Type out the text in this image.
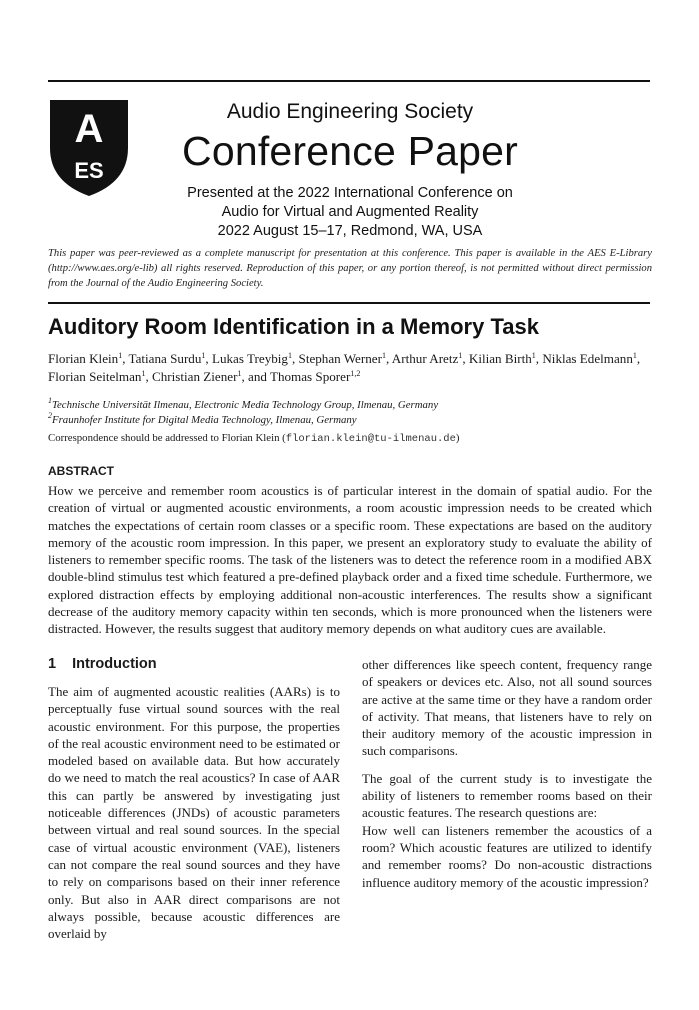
A
ES
Audio Engineering Society
Conference Paper
Presented at the 2022 International Conference on
Audio for Virtual and Augmented Reality
2022 August 15–17, Redmond, WA, USA
This paper was peer-reviewed as a complete manuscript for presentation at this conference. This paper is available in the AES E-Library (http://www.aes.org/e-lib) all rights reserved. Reproduction of this paper, or any portion thereof, is not permitted without direct permission from the Journal of the Audio Engineering Society.
Auditory Room Identification in a Memory Task
Florian Klein$^1$, Tatiana Surdu$^1$, Lukas Treybig$^1$, Stephan Werner$^1$, Arthur Aretz$^1$, Kilian Birth$^1$, Niklas Edelmann$^1$,
Florian Seitelman$^1$, Christian Ziener$^1$, and Thomas Sporer$^{1,2}$
$^1$Technische Universität Ilmenau, Electronic Media Technology Group, Ilmenau, Germany
$^2$Fraunhofer Institute for Digital Media Technology, Ilmenau, Germany
Correspondence should be addressed to Florian Klein (florian.klein@tu-ilmenau.de)
ABSTRACT
How we perceive and remember room acoustics is of particular interest in the domain of spatial audio. For the creation of virtual or augmented acoustic environments, a room acoustic impression needs to be created which matches the expectations of certain room classes or a specific room. These expectations are based on the auditory memory of the acoustic room impression. In this paper, we present an exploratory study to evaluate the ability of listeners to remember specific rooms. The task of the listeners was to detect the reference room in a modified ABX double-blind stimulus test which featured a pre-defined playback order and a fixed time schedule. Furthermore, we explored distraction effects by employing additional non-acoustic interferences. The results show a significant decrease of the auditory memory capacity within ten seconds, which is more pronounced when the listeners were distracted. However, the results suggest that auditory memory depends on what auditory cues are available.
1 Introduction
The aim of augmented acoustic realities (AARs) is to perceptually fuse virtual sound sources with the real acoustic environment. For this purpose, the properties of the real acoustic environment need to be estimated or modeled based on available data. But how accurately do we need to match the real acoustics? In case of AAR this can partly be answered by investigating just noticeable differences (JNDs) of acoustic parameters between virtual and real sound sources. In the special case of virtual acoustic environment (VAE), listeners can not compare the real sound sources and they have to rely on comparisons based on their inner reference only. But also in AAR direct comparisons are not always possible, because acoustic differences are overlaid by
other differences like speech content, frequency range of speakers or devices etc. Also, not all sound sources are active at the same time or they have a random order of activity. That means, that listeners have to rely on their auditory memory of the acoustic impression in such comparisons.
The goal of the current study is to investigate the ability of listeners to remember rooms based on their acoustic features. The research questions are:
How well can listeners remember the acoustics of a room? Which acoustic features are utilized to identify and remember rooms? Do non-acoustic distractions influence auditory memory of the acoustic impression?
